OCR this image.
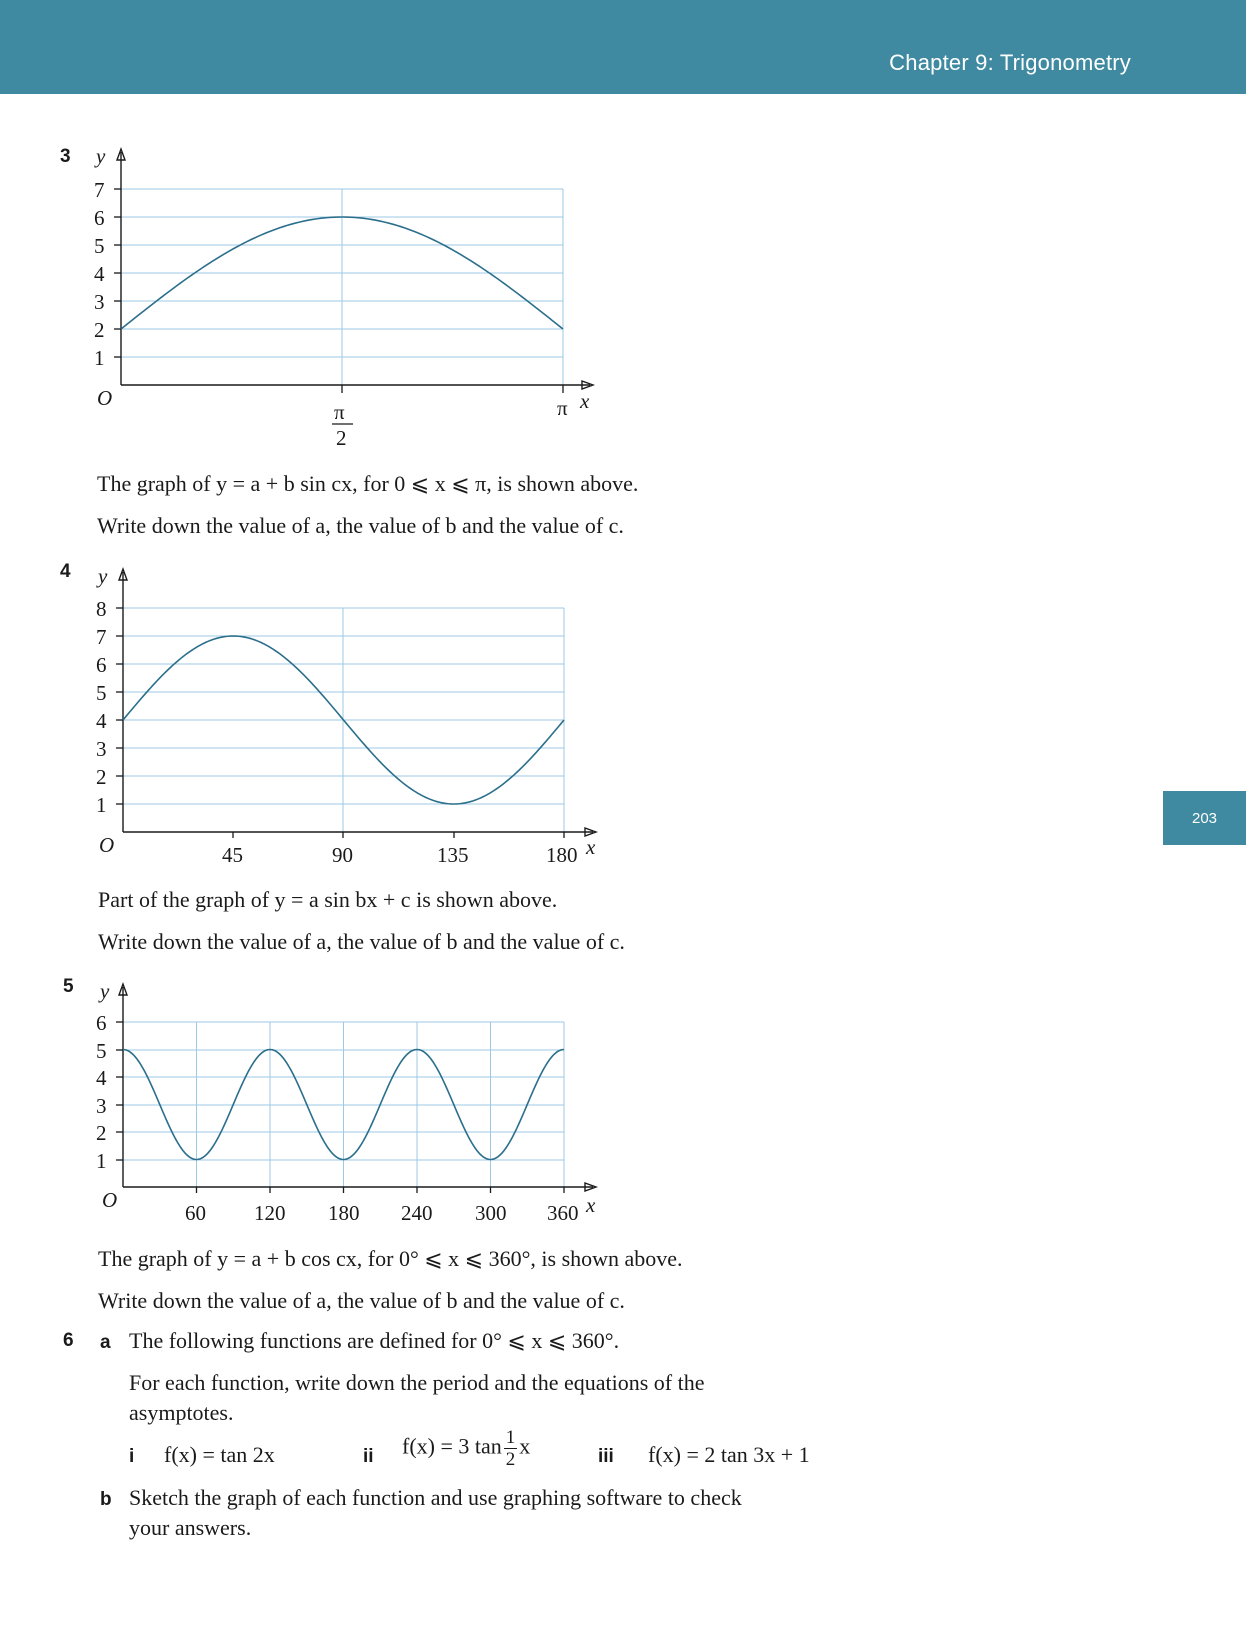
Chapter 9: Trigonometry
203
3 y
7
6
5
4
3
2
1
O
π
2
π x
The graph of y = a + b sin cx, for 0 ⩽ x ⩽ π, is shown above.
Write down the value of a, the value of b and the value of c.
4 y
8
7
6
5
4
3
2
1
O	45	90	135	180 x
Part of the graph of y = a sin bx + c is shown above.
Write down the value of a, the value of b and the value of c.
5 y
6
5
4
3
2
1
O
60 120 180 240 300 360 x
The graph of y = a + b cos cx, for 0° ⩽ x ⩽ 360°, is shown above.
Write down the value of a, the value of b and the value of c.
6 a The following functions are defined for 0° ⩽ x ⩽ 360°.
For each function, write down the period and the equations of the
asymptotes.
i f(x) = tan 2x	ii f(x) = 3 $\tan \frac{1}{2}$ x	iii f(x) = 2 tan 3x + 1
b Sketch the graph of each function and use graphing software to check
your answers.
